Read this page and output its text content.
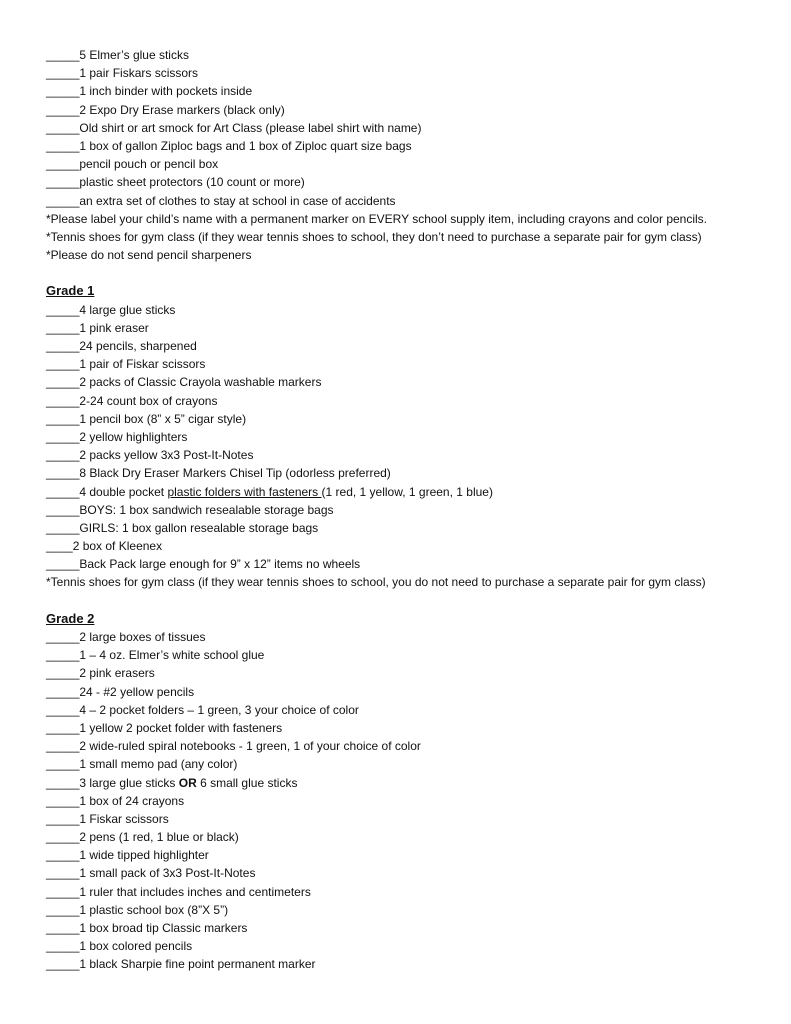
_____5 Elmer’s glue sticks
_____1 pair Fiskars scissors
_____1 inch binder with pockets inside
_____2 Expo Dry Erase markers (black only)
_____Old shirt or art smock for Art Class (please label shirt with name)
_____1 box of gallon Ziploc bags and 1 box of Ziploc quart size bags
_____pencil pouch or pencil box
_____plastic sheet protectors (10 count or more)
_____an extra set of clothes to stay at school in case of accidents
*Please label your child’s name with a permanent marker on EVERY school supply item, including crayons and color pencils.
*Tennis shoes for gym class (if they wear tennis shoes to school, they don’t need to purchase a separate pair for gym class)
*Please do not send pencil sharpeners
Grade 1
_____4 large glue sticks
_____1 pink eraser
_____24 pencils, sharpened
_____1 pair of Fiskar scissors
_____2 packs of Classic Crayola washable markers
_____2-24 count box of crayons
_____1 pencil box (8” x 5” cigar style)
_____2 yellow highlighters
_____2 packs yellow 3x3 Post-It-Notes
_____8 Black Dry Eraser Markers Chisel Tip (odorless preferred)
_____4 double pocket plastic folders with fasteners (1 red, 1 yellow, 1 green, 1 blue)
_____BOYS: 1 box sandwich resealable storage bags
_____GIRLS: 1 box gallon resealable storage bags
____2 box of Kleenex
_____Back Pack large enough for 9” x 12” items no wheels
*Tennis shoes for gym class (if they wear tennis shoes to school, you do not need to purchase a separate pair for gym class)
Grade 2
_____2 large boxes of tissues
_____1 – 4 oz. Elmer’s white school glue
_____2 pink erasers
_____24 - #2 yellow pencils
_____4 – 2 pocket folders – 1 green, 3 your choice of color
_____1 yellow 2 pocket folder with fasteners
_____2 wide-ruled spiral notebooks - 1 green, 1 of your choice of color
_____1 small memo pad (any color)
_____3 large glue sticks OR 6 small glue sticks
_____1 box of 24 crayons
_____1 Fiskar scissors
_____2 pens (1 red, 1 blue or black)
_____1 wide tipped highlighter
_____1 small pack of 3x3 Post-It-Notes
_____1 ruler that includes inches and centimeters
_____1 plastic school box (8”X 5”)
_____1 box broad tip Classic markers
_____1 box colored pencils
_____1 black Sharpie fine point permanent marker
